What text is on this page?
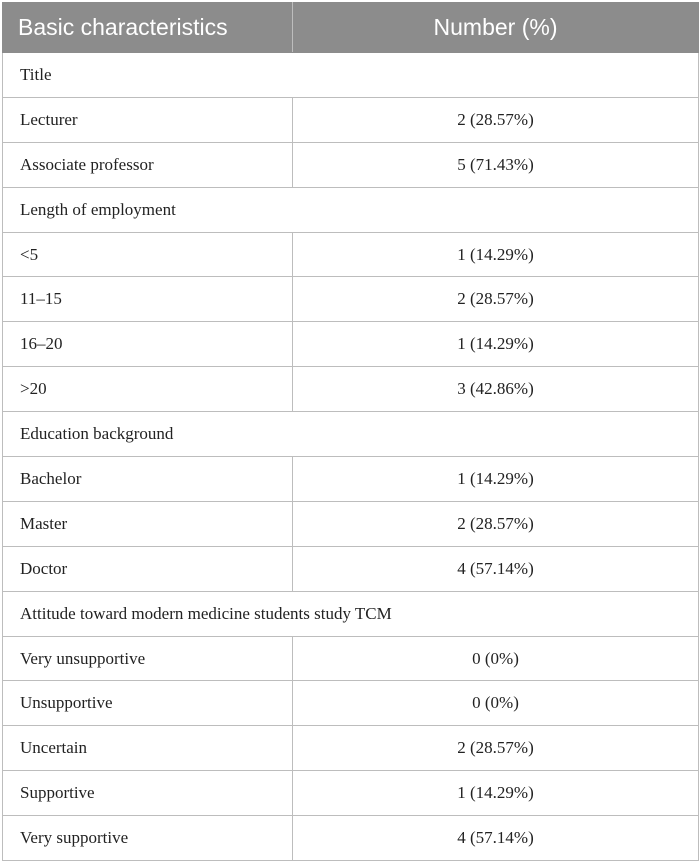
Basic characteristics	Number (%)
Title	
Lecturer	2 (28.57%)
Associate professor	5 (71.43%)
Length of employment	
<5	1 (14.29%)
11–15	2 (28.57%)
16–20	1 (14.29%)
>20	3 (42.86%)
Education background	
Bachelor	1 (14.29%)
Master	2 (28.57%)
Doctor	4 (57.14%)
Attitude toward modern medicine students study TCM	
Very unsupportive	0 (0%)
Unsupportive	0 (0%)
Uncertain	2 (28.57%)
Supportive	1 (14.29%)
Very supportive	4 (57.14%)
